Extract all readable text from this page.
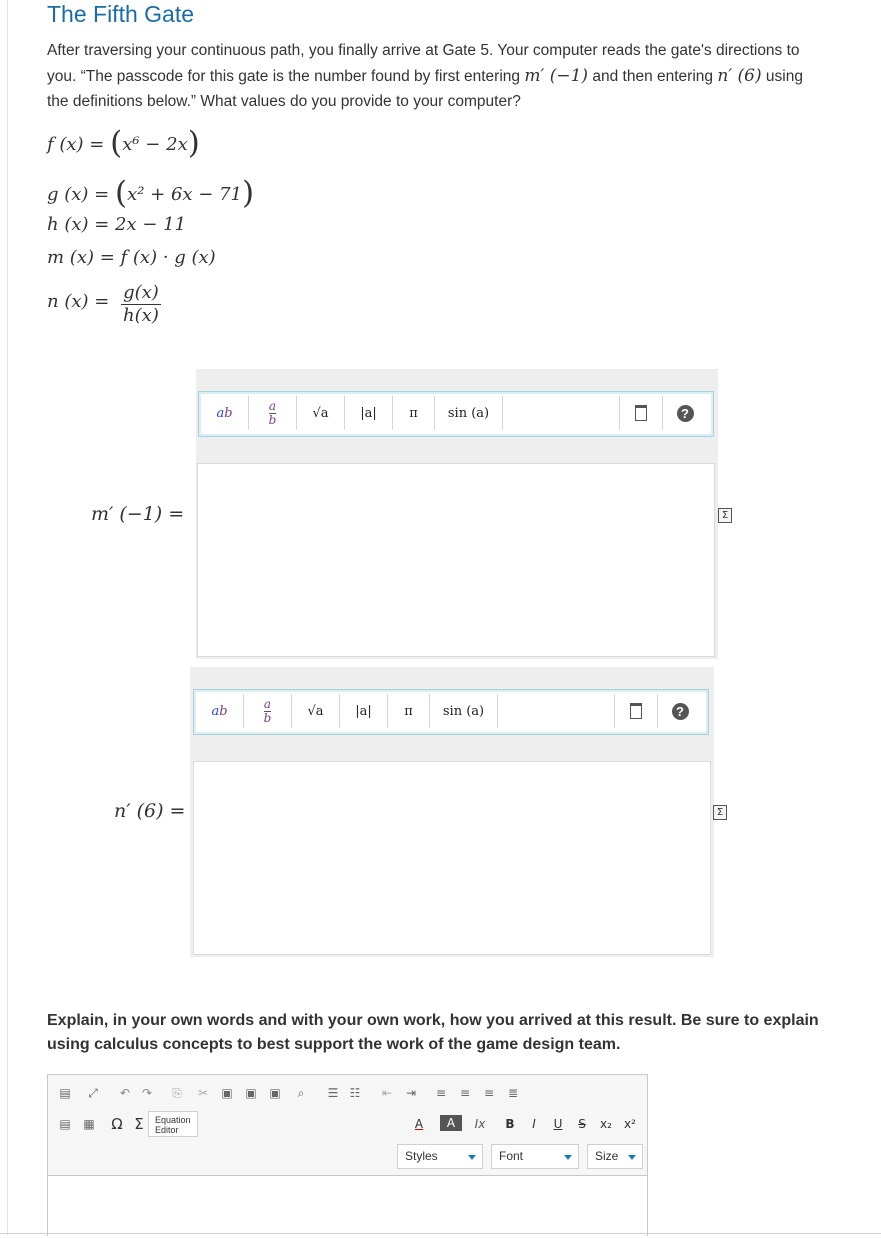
The Fifth Gate
After traversing your continuous path, you finally arrive at Gate 5. Your computer reads the gate's directions to
you. “The passcode for this gate is the number found by first entering m′ (−1) and then entering n′ (6) using
the definitions below.” What values do you provide to your computer?
f (x) = (x⁶ − 2x)
g (x) = (x² + 6x − 71)
h (x) = 2x − 11
m (x) = f (x) · g (x)
n $(x) = \frac{g(x)}{h(x)}$
a b	a
b	√a |a| π sin (a)	?
m′ (−1) =	Σ
a b	a
b	√a |a| π sin (a)	?
n′ (6) =	Σ
Explain, in your own words and with your own work, how you arrived at this result. Be sure to explain
using calculus concepts to best support the work of the game design team.
▤	⤢	↶ ↷	⎘	✂	▣ ▣ ▣	⌕	☰ ☷	⇤	⇥	≡	≡	≡	≣
▤ ▦ Ω Σ	Equation
Editor	A	A	Ix	B	I	U	S	x₂	x²
Styles	Font	Size
